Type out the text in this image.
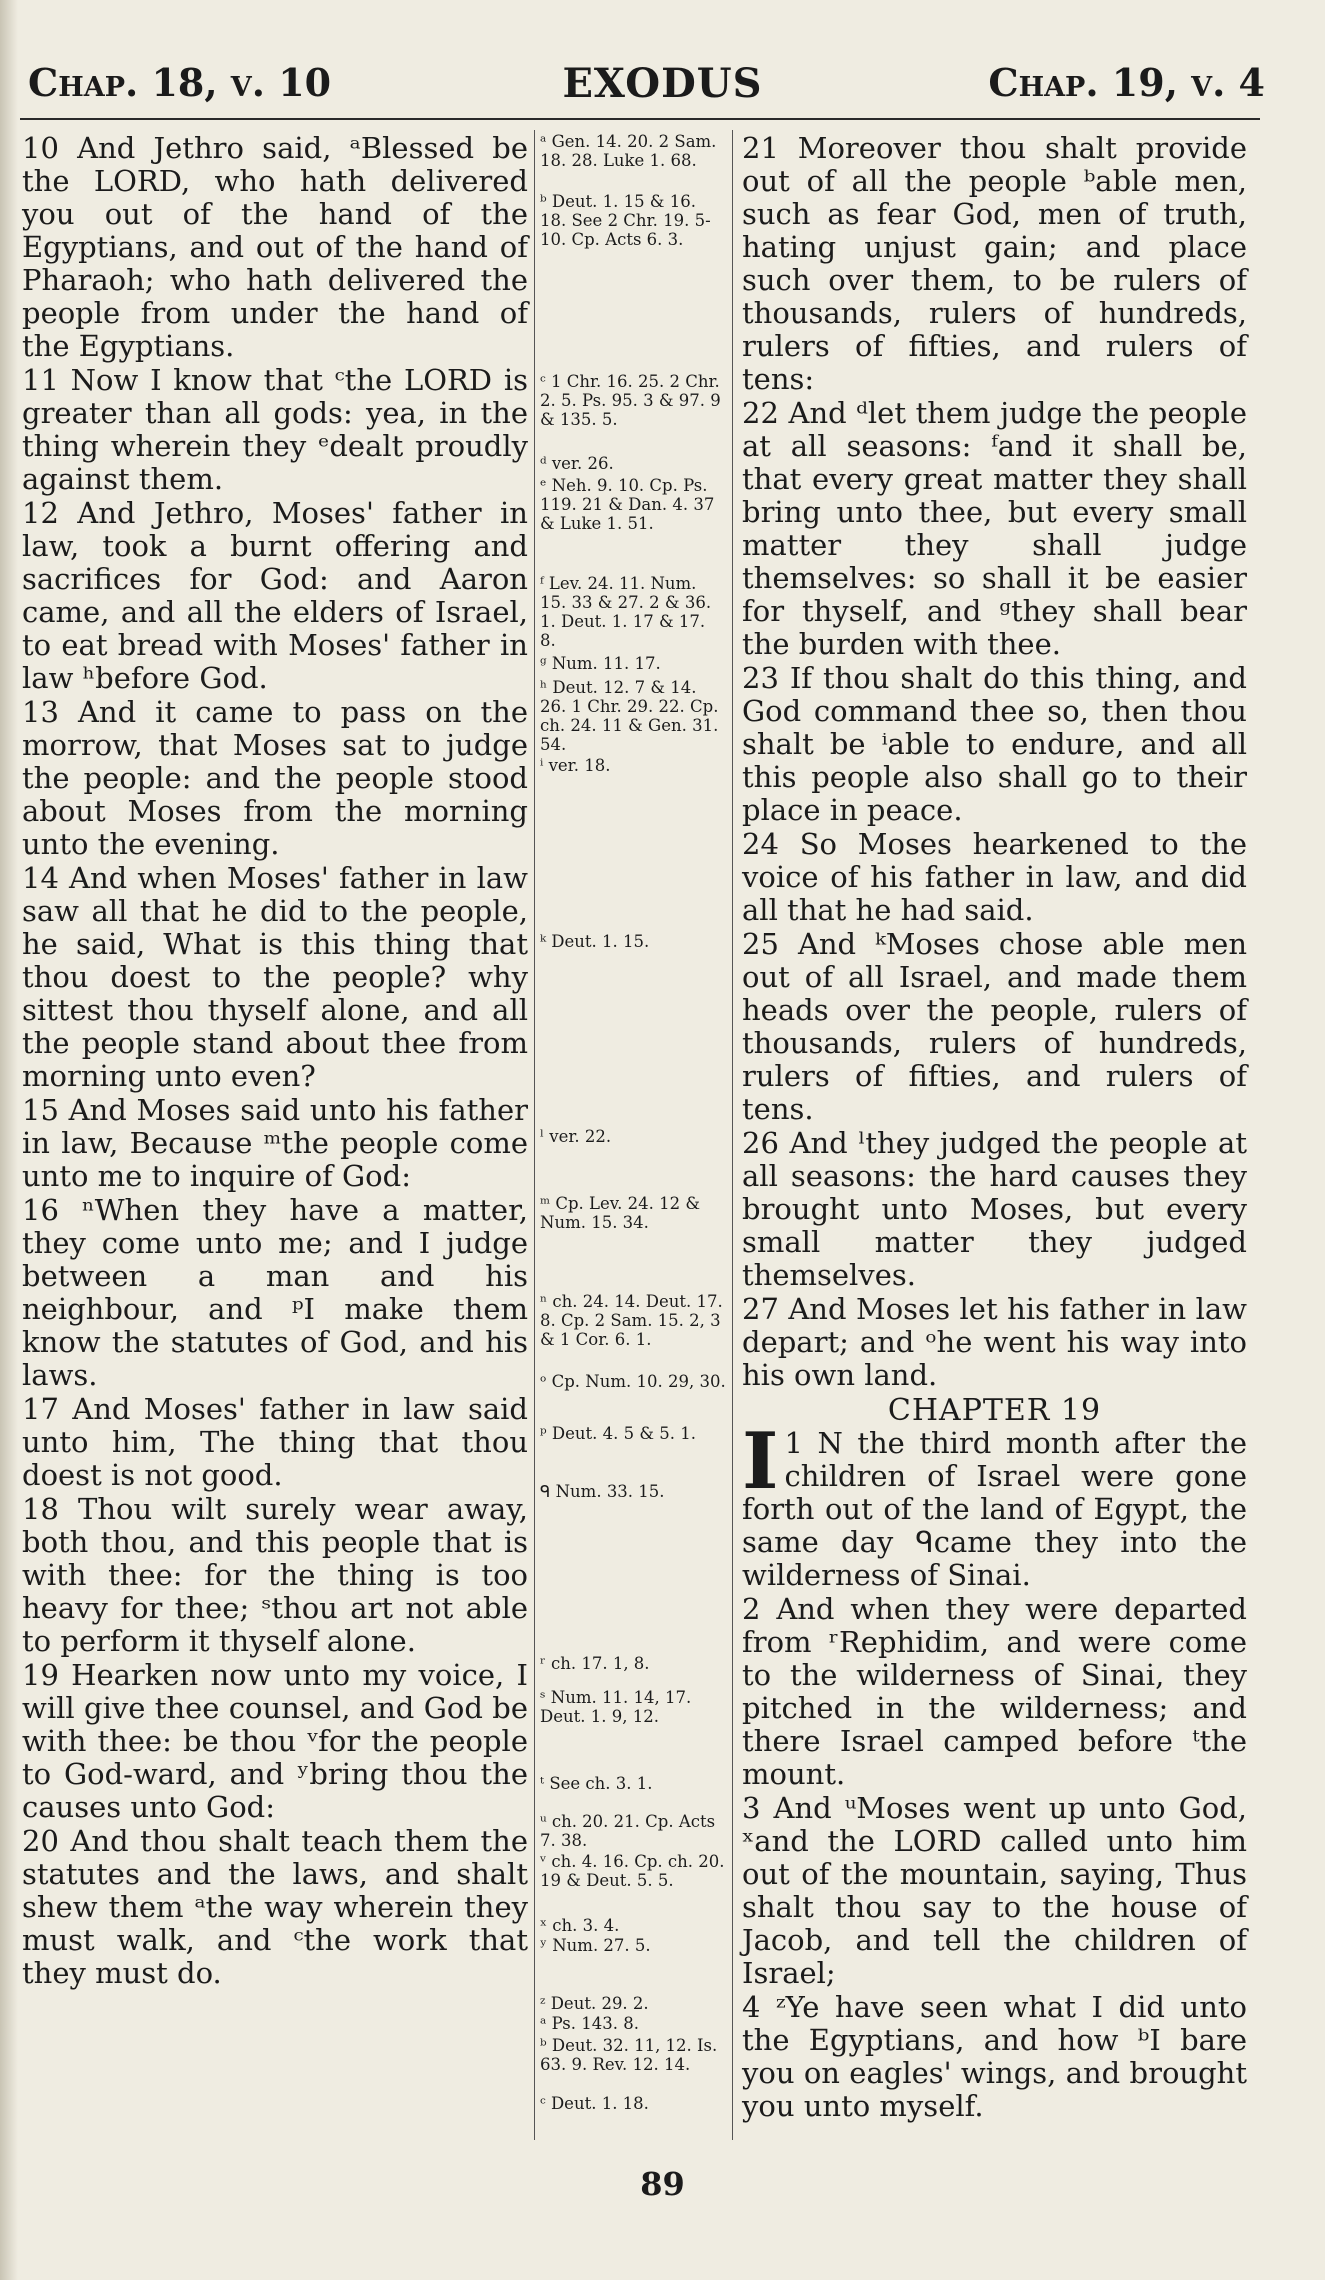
EXODUS
Chap. 18, v. 10	Chap. 19, v. 4

10 And Jethro said, ᵃBlessed be the LORD, who hath delivered you out of the hand of the Egyptians, and out of the hand of Pharaoh; who hath delivered the people from under the hand of the Egyptians.

11 Now I know that ᶜthe LORD is greater than all gods: yea, in the thing wherein they ᵉdealt proudly against them.

12 And Jethro, Moses' father in law, took a burnt offering and sacrifices for God: and Aaron came, and all the elders of Israel, to eat bread with Moses' father in law ʰbefore God.

13 And it came to pass on the morrow, that Moses sat to judge the people: and the people stood about Moses from the morning unto the evening.

14 And when Moses' father in law saw all that he did to the people, he said, What is this thing that thou doest to the people? why sittest thou thyself alone, and all the people stand about thee from morning unto even?

15 And Moses said unto his father in law, Because ᵐthe people come unto me to inquire of God:

16 ⁿWhen they have a matter, they come unto me; and I judge between a man and his neighbour, and ᵖI make them know the statutes of God, and his laws.

17 And Moses' father in law said unto him, The thing that thou doest is not good.

18 Thou wilt surely wear away, both thou, and this people that is with thee: for the thing is too heavy for thee; ˢthou art not able to perform it thyself alone.

19 Hearken now unto my voice, I will give thee counsel, and God be with thee: be thou ᵛfor the people to God-ward, and ʸbring thou the causes unto God:

20 And thou shalt teach them the statutes and the laws, and shalt shew them ᵃthe way wherein they must walk, and ᶜthe work that they must do.

ᵃ Gen. 14. 20. 2 Sam. 18. 28. Luke 1. 68.
ᵇ Deut. 1. 15 & 16. 18. See 2 Chr. 19. 5-10. Cp. Acts 6. 3.
ᶜ 1 Chr. 16. 25. 2 Chr. 2. 5. Ps. 95. 3 & 97. 9 & 135. 5.
ᵈ ver. 26.
ᵉ Neh. 9. 10. Cp. Ps. 119. 21 & Dan. 4. 37 & Luke 1. 51.
ᶠ Lev. 24. 11. Num. 15. 33 & 27. 2 & 36. 1. Deut. 1. 17 & 17. 8.
ᵍ Num. 11. 17.
ʰ Deut. 12. 7 & 14. 26. 1 Chr. 29. 22. Cp. ch. 24. 11 & Gen. 31. 54.
ⁱ ver. 18.
ᵏ Deut. 1. 15.
ˡ ver. 22.
ᵐ Cp. Lev. 24. 12 & Num. 15. 34.
ⁿ ch. 24. 14. Deut. 17. 8. Cp. 2 Sam. 15. 2, 3 & 1 Cor. 6. 1.
ᵒ Cp. Num. 10. 29, 30.
ᵖ Deut. 4. 5 & 5. 1.
ᑫ Num. 33. 15.
ʳ ch. 17. 1, 8.
ˢ Num. 11. 14, 17. Deut. 1. 9, 12.
ᵗ See ch. 3. 1.
ᵘ ch. 20. 21. Cp. Acts 7. 38.
ᵛ ch. 4. 16. Cp. ch. 20. 19 & Deut. 5. 5.
ˣ ch. 3. 4.
ʸ Num. 27. 5.
ᶻ Deut. 29. 2.
ᵃ Ps. 143. 8.
ᵇ Deut. 32. 11, 12. Is. 63. 9. Rev. 12. 14.
ᶜ Deut. 1. 18.

21 Moreover thou shalt provide out of all the people ᵇable men, such as fear God, men of truth, hating unjust gain; and place such over them, to be rulers of thousands, rulers of hundreds, rulers of fifties, and rulers of tens:

22 And ᵈlet them judge the people at all seasons: ᶠand it shall be, that every great matter they shall bring unto thee, but every small matter they shall judge themselves: so shall it be easier for thyself, and ᵍthey shall bear the burden with thee.

23 If thou shalt do this thing, and God command thee so, then thou shalt be ⁱable to endure, and all this people also shall go to their place in peace.

24 So Moses hearkened to the voice of his father in law, and did all that he had said.

25 And ᵏMoses chose able men out of all Israel, and made them heads over the people, rulers of thousands, rulers of hundreds, rulers of fifties, and rulers of tens.

26 And ˡthey judged the people at all seasons: the hard causes they brought unto Moses, but every small matter they judged themselves.

27 And Moses let his father in law depart; and ᵒhe went his way into his own land.

CHAPTER 19

1
I N the third month after the children of Israel were gone forth out of the land of Egypt, the same day ᑫcame they into the wilderness of Sinai.

2 And when they were departed from ʳRephidim, and were come to the wilderness of Sinai, they pitched in the wilderness; and there Israel camped before ᵗthe mount.

3 And ᵘMoses went up unto God, ˣand the LORD called unto him out of the mountain, saying, Thus shalt thou say to the house of Jacob, and tell the children of Israel;

4 ᶻYe have seen what I did unto the Egyptians, and how ᵇI bare you on eagles' wings, and brought you unto myself.

89
